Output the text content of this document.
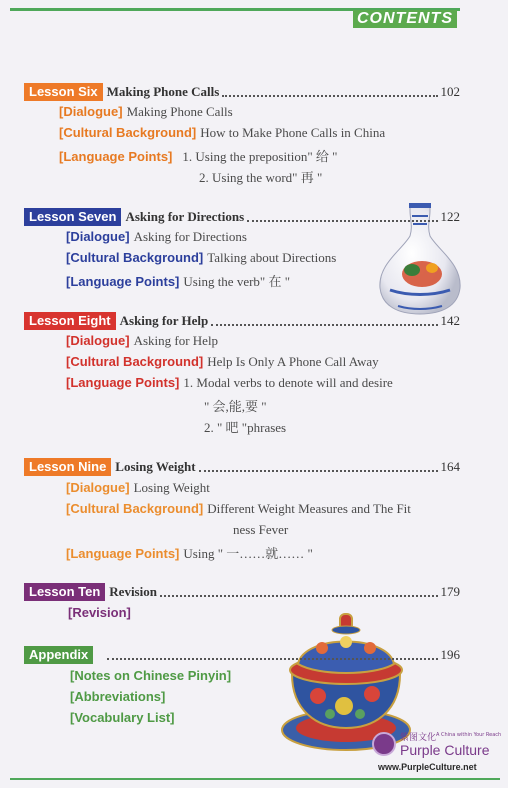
CONTENTS
Lesson Six Making Phone Calls	102
[Dialogue] Making Phone Calls
[Cultural Background] How to Make Phone Calls in China
[Language Points] 1. Using the preposition" 给 "
2. Using the word" 再 "
Lesson Seven Asking for Directions	122
[Dialogue] Asking for Directions
[Cultural Background] Talking about Directions
[Language Points] Using the verb" 在 "
Lesson Eight Asking for Help	142
[Dialogue] Asking for Help
[Cultural Background] Help Is Only A Phone Call Away
[Language Points] 1. Modal verbs to denote will and desire
" 会,能,要 "
2. " 吧 "phrases
Lesson Nine Losing Weight	164
[Dialogue] Losing Weight
[Cultural Background] Different Weight Measures and The Fit
ness Fever
[Language Points] Using " 一……就…… "
Lesson Ten Revision	179
[Revision]
Appendix	196
[Notes on Chinese Pinyin]
[Abbreviations]
[Vocabulary List]
紫图文化 A China within Your Reach
Purple Culture
www.PurpleCulture.net
